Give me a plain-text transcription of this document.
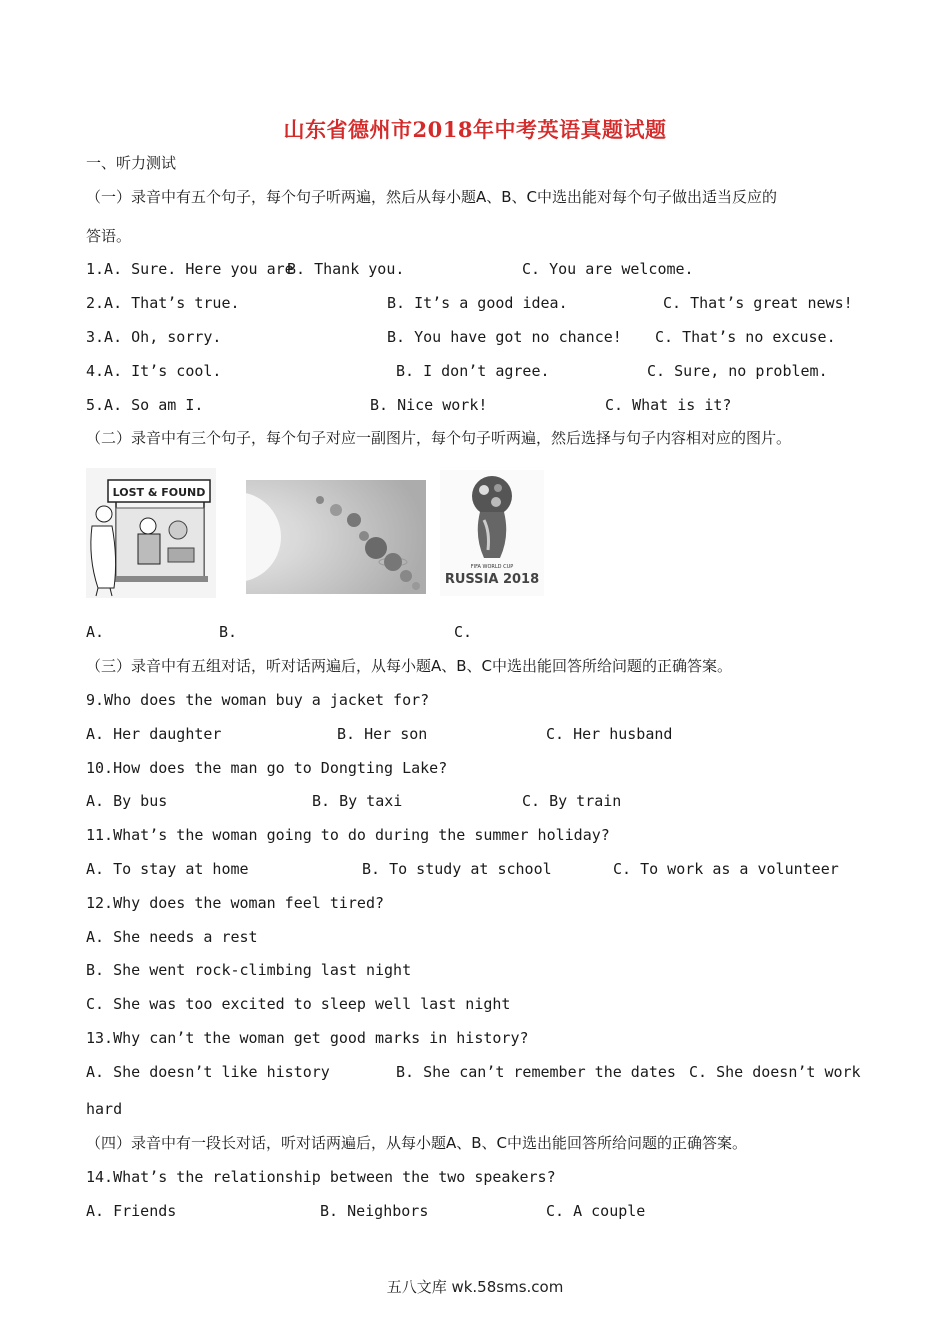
山东省德州市2018年中考英语真题试题
一、听力测试
（一）录音中有五个句子，每个句子听两遍，然后从每小题A、B、C中选出能对每个句子做出适当反应的
答语。
1.A. Sure. Here you are
B. Thank you.	C. You are welcome.
2.A. That’s true.	B. It’s a good idea.	C. That’s great news!
3.A. Oh, sorry.	B. You have got no chance! C. That’s no excuse.
4.A. It’s cool.	B. I don’t agree.	C. Sure, no problem.
5.A. So am I.	B. Nice work!	C. What is it?
（二）录音中有三个句子，每个句子对应一副图片，每个句子听两遍，然后选择与句子内容相对应的图片。
LOST & FOUND
FIFA WORLD CUP
RUSSIA 2018
A.	B.	C.
（三）录音中有五组对话，听对话两遍后，从每小题A、B、C中选出能回答所给问题的正确答案。
9.Who does the woman buy a jacket for?
A. Her daughter	B. Her son	C. Her husband
10.How does the man go to Dongting Lake?
A. By bus	B. By taxi	C. By train
11.What’s the woman going to do during the summer holiday?
A. To stay at home	B. To study at school	C. To work as a volunteer
12.Why does the woman feel tired?
A. She needs a rest
B. She went rock-climbing last night
C. She was too excited to sleep well last night
13.Why can’t the woman get good marks in history?
A. She doesn’t like history	B. She can’t remember the dates C. She doesn’t work
hard
（四）录音中有一段长对话，听对话两遍后，从每小题A、B、C中选出能回答所给问题的正确答案。
14.What’s the relationship between the two speakers?
A. Friends	B. Neighbors	C. A couple
五八文库 wk.58sms.com
